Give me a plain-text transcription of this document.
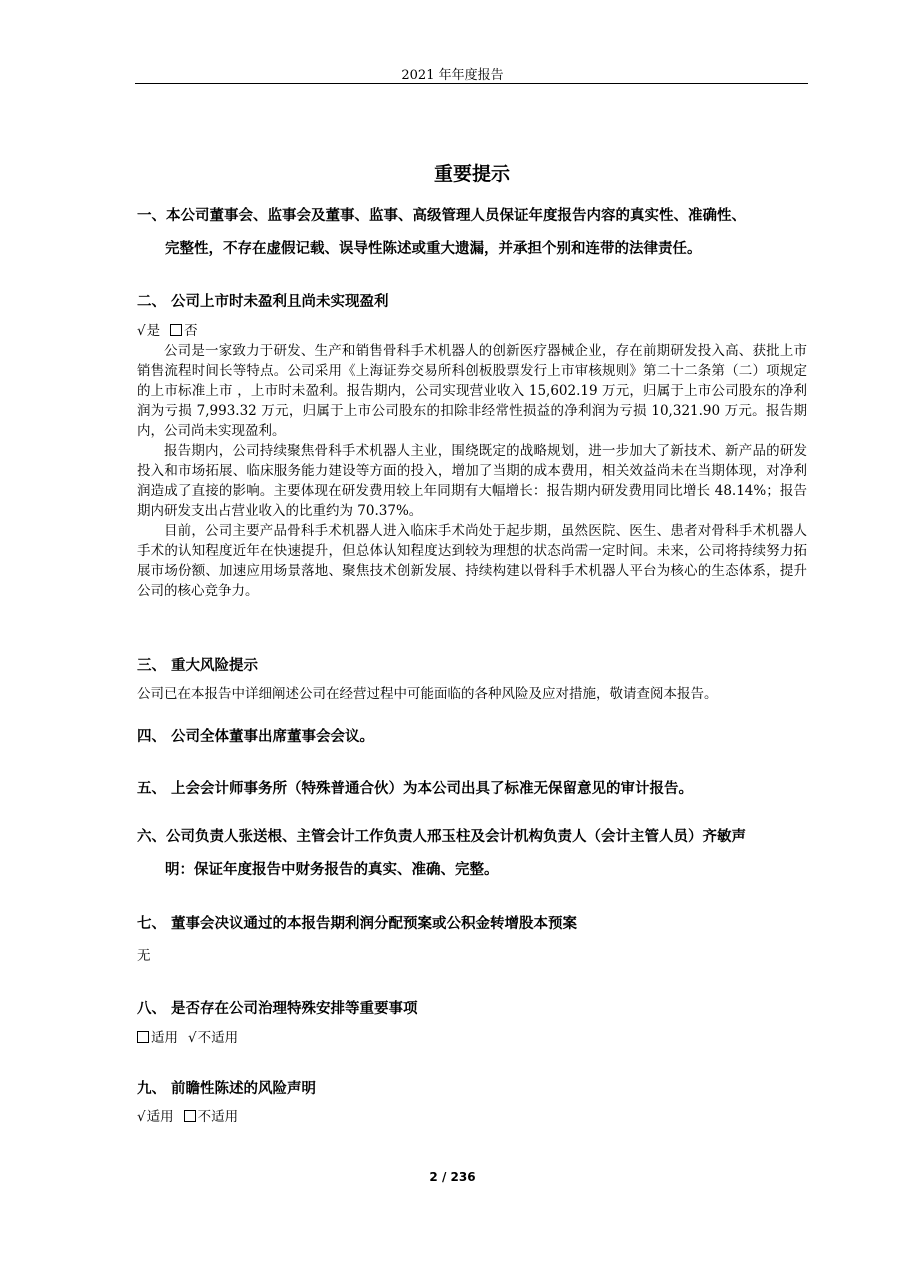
2021 年年度报告
重要提示
一、本公司董事会、监事会及董事、监事、高级管理人员保证年度报告内容的真实性、准确性、
完整性，不存在虚假记载、误导性陈述或重大遗漏，并承担个别和连带的法律责任。
二、 公司上市时未盈利且尚未实现盈利
√是 否

公司是一家致力于研发、生产和销售骨科手术机器人的创新医疗器械企业，存在前期研发投入高、获批上市销售流程时间长等特点。公司采用《上海证券交易所科创板股票发行上市审核规则》第二十二条第（二）项规定的上市标准上市 ，上市时未盈利。报告期内，公司实现营业收入 15,602.19 万元，归属于上市公司股东的净利润为亏损 7,993.32 万元，归属于上市公司股东的扣除非经常性损益的净利润为亏损 10,321.90 万元。报告期内，公司尚未实现盈利。

报告期内，公司持续聚焦骨科手术机器人主业，围绕既定的战略规划，进一步加大了新技术、新产品的研发投入和市场拓展、临床服务能力建设等方面的投入，增加了当期的成本费用，相关效益尚未在当期体现，对净利润造成了直接的影响。主要体现在研发费用较上年同期有大幅增长：报告期内研发费用同比增长 48.14%；报告期内研发支出占营业收入的比重约为 70.37%。

目前，公司主要产品骨科手术机器人进入临床手术尚处于起步期，虽然医院、医生、患者对骨科手术机器人手术的认知程度近年在快速提升，但总体认知程度达到较为理想的状态尚需一定时间。未来，公司将持续努力拓展市场份额、加速应用场景落地、聚焦技术创新发展、持续构建以骨科手术机器人平台为核心的生态体系，提升公司的核心竞争力。

三、 重大风险提示
公司已在本报告中详细阐述公司在经营过程中可能面临的各种风险及应对措施，敬请查阅本报告。
四、 公司全体董事出席董事会会议。
五、 上会会计师事务所（特殊普通合伙）为本公司出具了标准无保留意见的审计报告。
六、公司负责人张送根、主管会计工作负责人邢玉柱及会计机构负责人（会计主管人员）齐敏声
明：保证年度报告中财务报告的真实、准确、完整。
七、 董事会决议通过的本报告期利润分配预案或公积金转增股本预案
无
八、 是否存在公司治理特殊安排等重要事项
适用 √不适用
九、 前瞻性陈述的风险声明
√适用 不适用
2 / 236
